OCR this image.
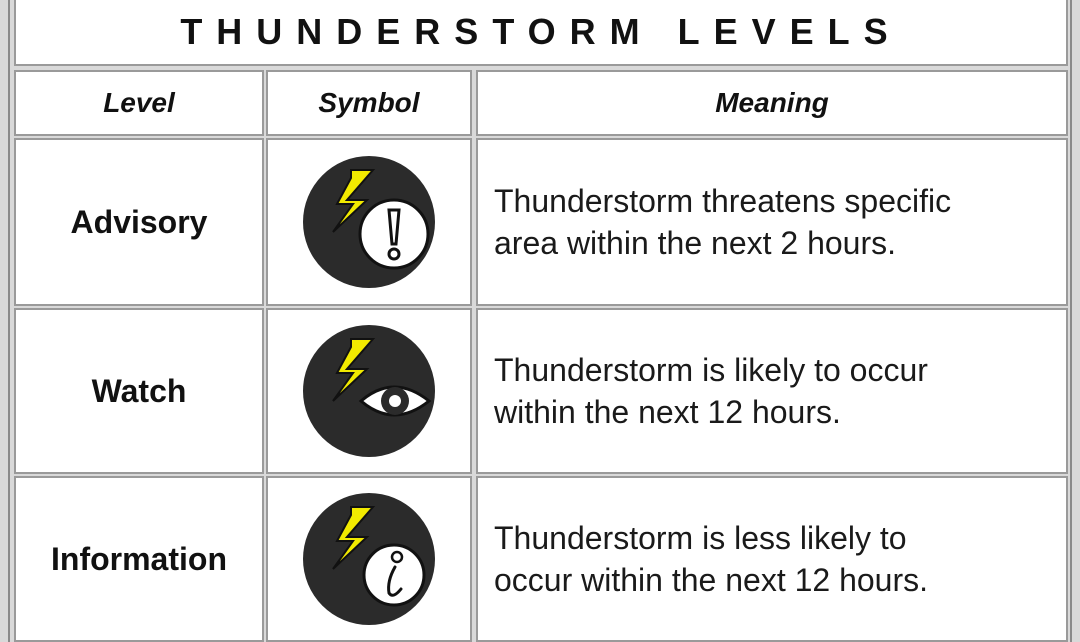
THUNDERSTORM LEVELS
Level	Symbol	Meaning
Advisory
Thunderstorm threatens specific
area within the next 2 hours.
Watch
Thunderstorm is likely to occur
within the next 12 hours.
Information
Thunderstorm is less likely to
occur within the next 12 hours.
